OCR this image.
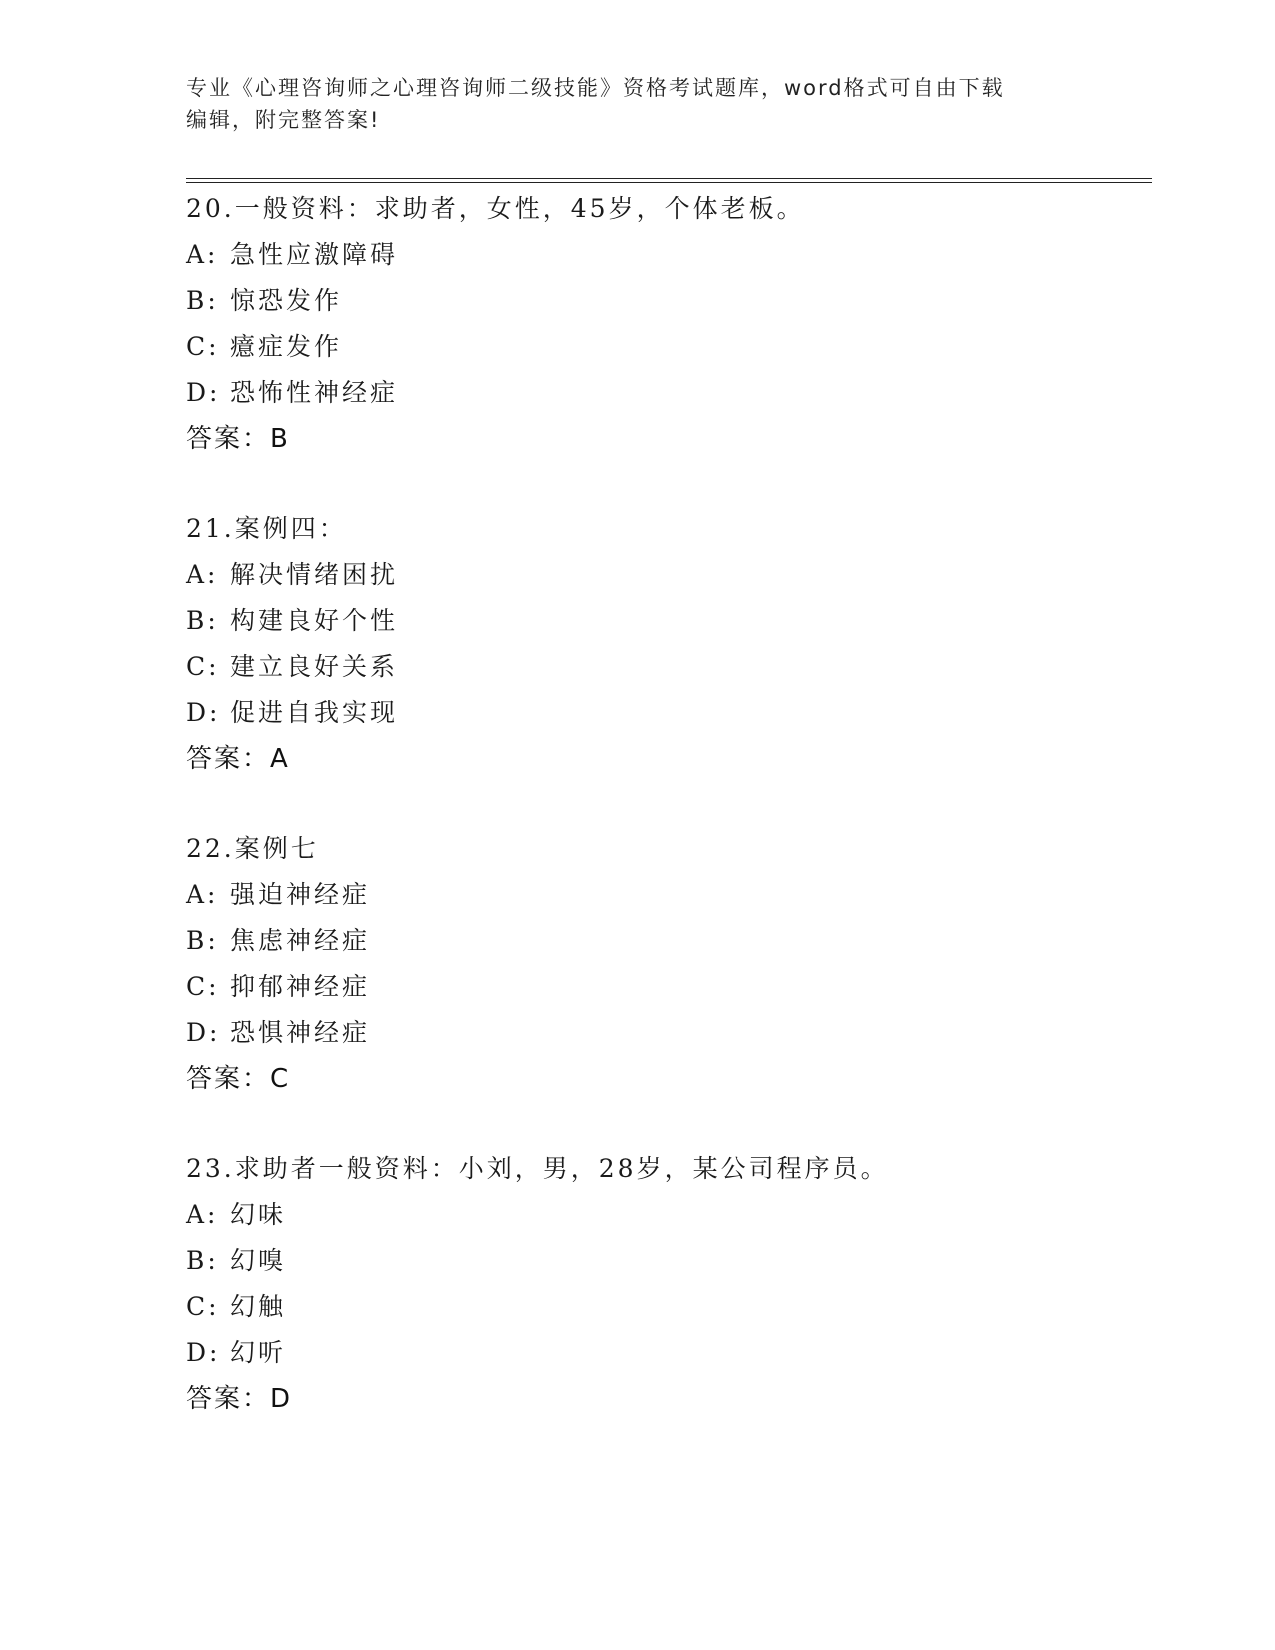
专业《心理咨询师之心理咨询师二级技能》资格考试题库，word格式可自由下载
编辑，附完整答案!
20.一般资料：求助者，女性，45岁，个体老板。
A: 急性应激障碍
B: 惊恐发作
C: 癔症发作
D: 恐怖性神经症
答案：B
21.案例四：
A: 解决情绪困扰
B: 构建良好个性
C: 建立良好关系
D: 促进自我实现
答案：A
22.案例七
A: 强迫神经症
B: 焦虑神经症
C: 抑郁神经症
D: 恐惧神经症
答案：C
23.求助者一般资料：小刘，男，28岁，某公司程序员。
A: 幻味
B: 幻嗅
C: 幻触
D: 幻听
答案：D
